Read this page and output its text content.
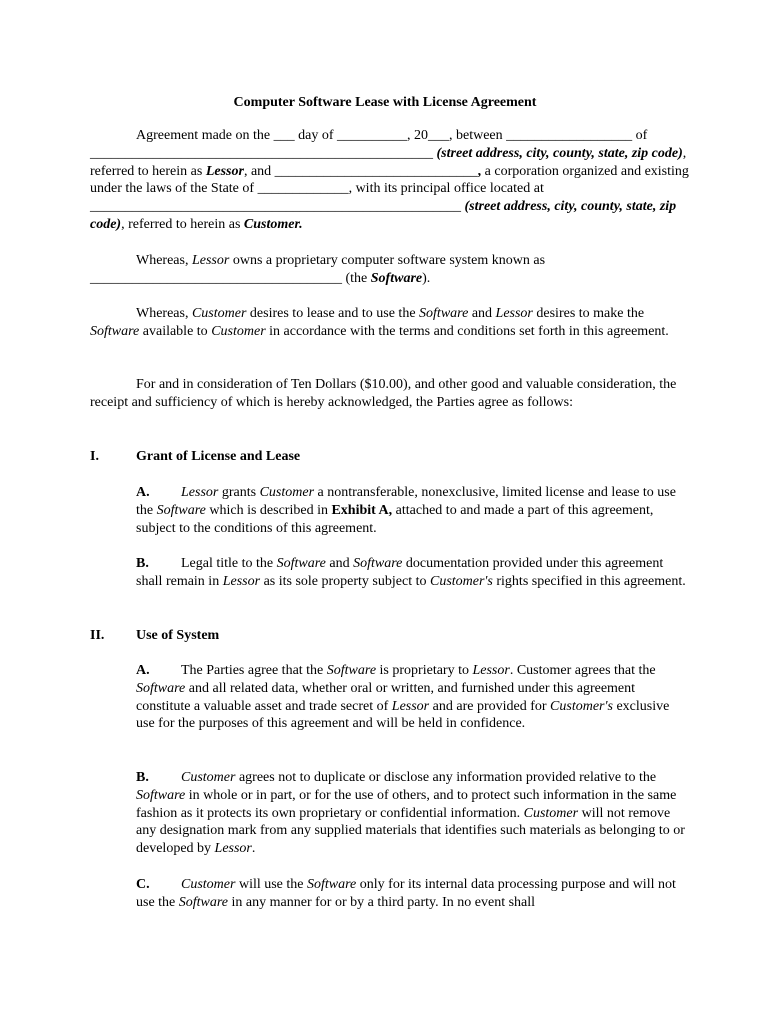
Computer Software Lease with License Agreement
Agreement made on the ___ day of __________, 20___, between __________________ of _________________________________________________ (street address, city, county, state, zip code), referred to herein as Lessor, and _____________________________, a corporation organized and existing under the laws of the State of _____________, with its principal office located at _____________________________________________________ (street address, city, county, state, zip code), referred to herein as Customer.
Whereas, Lessor owns a proprietary computer software system known as ____________________________________ (the Software).
Whereas, Customer desires to lease and to use the Software and Lessor desires to make the Software available to Customer in accordance with the terms and conditions set forth in this agreement.
For and in consideration of Ten Dollars ($10.00), and other good and valuable consideration, the receipt and sufficiency of which is hereby acknowledged, the Parties agree as follows:
I.	Grant of License and Lease
A. Lessor grants Customer a nontransferable, nonexclusive, limited license and lease to use the Software which is described in Exhibit A, attached to and made a part of this agreement, subject to the conditions of this agreement.
B. Legal title to the Software and Software documentation provided under this agreement shall remain in Lessor as its sole property subject to Customer's rights specified in this agreement.
II. Use of System
A. The Parties agree that the Software is proprietary to Lessor. Customer agrees that the Software and all related data, whether oral or written, and furnished under this agreement constitute a valuable asset and trade secret of Lessor and are provided for Customer's exclusive use for the purposes of this agreement and will be held in confidence.
B. Customer agrees not to duplicate or disclose any information provided relative to the Software in whole or in part, or for the use of others, and to protect such information in the same fashion as it protects its own proprietary or confidential information. Customer will not remove any designation mark from any supplied materials that identifies such materials as belonging to or developed by Lessor.
C. Customer will use the Software only for its internal data processing purpose and will not use the Software in any manner for or by a third party. In no event shall
